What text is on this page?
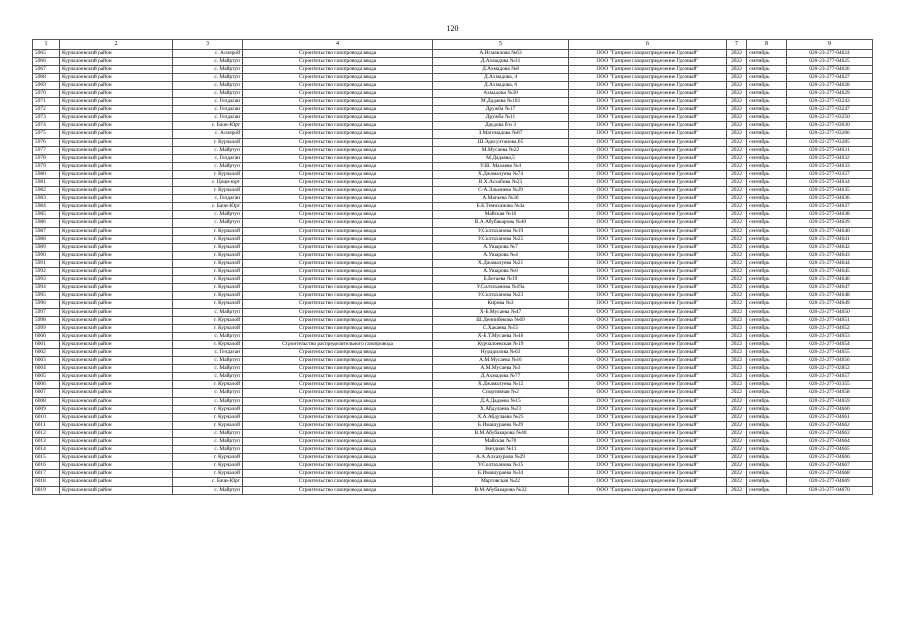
120
1	2	3	4	5	6	7	8	9
5965	Курчалоевский район	с. Аллерой	Строительство газопровода ввода	А.Исмаилова №63	ООО "Газпром газораспределение Грозный"	2022	сентябрь	020-23-277-04624
5966	Курчалоевский район	с. Майртуп	Строительство газопровода ввода	Д.Ахмадова №31	ООО "Газпром газораспределение Грозный"	2022	сентябрь	020-23-277-04625
5967	Курчалоевский район	с. Майртуп	Строительство газопровода ввода	Д.Ахмадова №8	ООО "Газпром газораспределение Грозный"	2022	сентябрь	020-23-277-04626
5968	Курчалоевский район	с. Майртуп	Строительство газопровода ввода	Д.Ахмадова, 4	ООО "Газпром газораспределение Грозный"	2022	сентябрь	020-23-277-04627
5969	Курчалоевский район	с. Майртуп	Строительство газопровода ввода	Д.Ахмадова, 6	ООО "Газпром газораспределение Грозный"	2022	сентябрь	020-23-277-04628
5970	Курчалоевский район	с. Майртуп	Строительство газопровода ввода	Ахмадова №30	ООО "Газпром газораспределение Грозный"	2022	сентябрь	020-23-277-04629
5971	Курчалоевский район	с. Гелдаган	Строительство газопровода ввода	М.Дадаева №102	ООО "Газпром газораспределение Грозный"	2022	сентябрь	020-22-277-03243
5972	Курчалоевский район	с. Гелдаган	Строительство газопровода ввода	Дружба №17	ООО "Газпром газораспределение Грозный"	2022	сентябрь	020-22-277-03247
5973	Курчалоевский район	с. Гелдаган	Строительство газопровода ввода	Дружба №11	ООО "Газпром газораспределение Грозный"	2022	сентябрь	020-22-277-03250
5974	Курчалоевский район	с. Бачи-Юрт	Строительство газопровода ввода	Даудова б/н 3	ООО "Газпром газораспределение Грозный"	2022	сентябрь	020-22-277-03030
5975	Курчалоевский район	с. Аллерой	Строительство газопровода ввода	З.Магомадова №87	ООО "Газпром газораспределение Грозный"	2022	сентябрь	020-22-277-03266
5976	Курчалоевский район	г. Курчалой	Строительство газопровода ввода	Ш.Эдисултанова,65	ООО "Газпром газораспределение Грозный"	2022	сентябрь	020-22-277-03285
5977	Курчалоевский район	с. Майртуп	Строительство газопровода ввода	М.Мусаева №22	ООО "Газпром газораспределение Грозный"	2022	сентябрь	020-23-277-04631
5978	Курчалоевский район	с. Гелдаган	Строительство газопровода ввода	М.Дадаева,5	ООО "Газпром газораспределение Грозный"	2022	сентябрь	020-23-277-04632
5979	Курчалоевский район	с. Майртуп	Строительство газопровода ввода	У.Ш. Махаева №4	ООО "Газпром газораспределение Грозный"	2022	сентябрь	020-23-277-04633
5980	Курчалоевский район	г. Курчалой	Строительство газопровода ввода	Х.Джамалуева №74	ООО "Газпром газораспределение Грозный"	2022	сентябрь	020-23-277-03357
5981	Курчалоевский район	с. Цоци-юрт	Строительство газопровода ввода	В.Х.Асхабова №23	ООО "Газпром газораспределение Грозный"	2022	сентябрь	020-23-277-04634
5982	Курчалоевский район	г. Курчалой	Строительство газопровода ввода	С-А.Эльмиева №29	ООО "Газпром газораспределение Грозный"	2022	сентябрь	020-23-277-04635
5983	Курчалоевский район	с. Гелдаган	Строительство газопровода ввода	А.Магаева №30	ООО "Газпром газораспределение Грозный"	2022	сентябрь	020-23-277-04636
5984	Курчалоевский район	с. Бачи-Юрт	Строительство газопровода ввода	Б.Б.Темиханова №4а	ООО "Газпром газораспределение Грозный"	2022	сентябрь	020-23-277-04637
5985	Курчалоевский район	с. Майртуп	Строительство газопровода ввода	Майская №16	ООО "Газпром газораспределение Грозный"	2022	сентябрь	020-23-277-04638
5986	Курчалоевский район	с. Майртуп	Строительство газопровода ввода	В.А.Абубакарова №40	ООО "Газпром газораспределение Грозный"	2022	сентябрь	020-23-277-04639
5987	Курчалоевский район	г. Курчалой	Строительство газопровода ввода	У.Солтаханова №19	ООО "Газпром газораспределение Грозный"	2022	сентябрь	020-23-277-04640
5988	Курчалоевский район	г. Курчалой	Строительство газопровода ввода	У.Солтаханова №25	ООО "Газпром газораспределение Грозный"	2022	сентябрь	020-23-277-04641
5989	Курчалоевский район	г. Курчалой	Строительство газопровода ввода	А.Ушарова №7	ООО "Газпром газораспределение Грозный"	2022	сентябрь	020-23-277-04642
5990	Курчалоевский район	г. Курчалой	Строительство газопровода ввода	А.Ушарова №4	ООО "Газпром газораспределение Грозный"	2022	сентябрь	020-23-277-04643
5991	Курчалоевский район	г. Курчалой	Строительство газопровода ввода	Х.Джамалуева №21	ООО "Газпром газораспределение Грозный"	2022	сентябрь	020-23-277-04644
5992	Курчалоевский район	г. Курчалой	Строительство газопровода ввода	А.Ушарова №6	ООО "Газпром газораспределение Грозный"	2022	сентябрь	020-23-277-04645
5993	Курчалоевский район	г. Курчалой	Строительство газопровода ввода	Б.Бегаева №19	ООО "Газпром газораспределение Грозный"	2022	сентябрь	020-23-277-04646
5994	Курчалоевский район	г. Курчалой	Строительство газопровода ввода	У.Солтаханова №19а	ООО "Газпром газораспределение Грозный"	2022	сентябрь	020-23-277-04647
5995	Курчалоевский район	г. Курчалой	Строительство газопровода ввода	У.Солтаханова №23	ООО "Газпром газораспределение Грозный"	2022	сентябрь	020-23-277-04648
5996	Курчалоевский район	г. Курчалой	Строительство газопровода ввода	Кирова №3	ООО "Газпром газораспределение Грозный"	2022	сентябрь	020-23-277-04649
5997	Курчалоевский район	с. Майртуп	Строительство газопровода ввода	Х-Б.Мусаева №47	ООО "Газпром газораспределение Грозный"	2022	сентябрь	020-23-277-04650
5998	Курчалоевский район	г. Курчалой	Строительство газопровода ввода	Ш.Дениибекова №69	ООО "Газпром газораспределение Грозный"	2022	сентябрь	020-23-277-04651
5999	Курчалоевский район	г. Курчалой	Строительство газопровода ввода	С.Хакаева №55	ООО "Газпром газораспределение Грозный"	2022	сентябрь	020-23-277-04652
6000	Курчалоевский район	с. Майртуп	Строительство газопровода ввода	Х-Б.Т.Мусаева №46	ООО "Газпром газораспределение Грозный"	2022	сентябрь	020-23-277-04653
6001	Курчалоевский район	г. Курчалой	Строительство распределительного газопровода	Курчалоевская №19	ООО "Газпром газораспределение Грозный"	2022	сентябрь	020-23-277-04654
6002	Курчалоевский район	с. Гелдаган	Строительство газопровода ввода	Нурадилова №63	ООО "Газпром газораспределение Грозный"	2022	сентябрь	020-23-277-04655
6003	Курчалоевский район	с. Майртуп	Строительство газопровода ввода	А.М.Мусаева №16	ООО "Газпром газораспределение Грозный"	2022	сентябрь	020-23-277-04656
6004	Курчалоевский район	с. Майртуп	Строительство газопровода ввода	А.М.Мусаева №3	ООО "Газпром газораспределение Грозный"	2022	сентябрь	020-22-277-02852
6005	Курчалоевский район	с. Майртуп	Строительство газопровода ввода	Д.Ахмадова №77	ООО "Газпром газораспределение Грозный"	2022	сентябрь	020-23-277-04657
6006	Курчалоевский район	г. Курчалой	Строительство газопровода ввода	Х.Джамалуева №12	ООО "Газпром газораспределение Грозный"	2022	сентябрь	020-23-277-03355
6007	Курчалоевский район	с. Майртуп	Строительство газопровода ввода	Спортивная №2	ООО "Газпром газораспределение Грозный"	2022	сентябрь	020-23-277-04658
6008	Курчалоевский район	с. Майртуп	Строительство газопровода ввода	Д.А.Дадаева №15	ООО "Газпром газораспределение Грозный"	2022	сентябрь	020-23-277-04659
6009	Курчалоевский район	г. Курчалой	Строительство газопровода ввода	Х.Абдулаева №23	ООО "Газпром газораспределение Грозный"	2022	сентябрь	020-23-277-04660
6010	Курчалоевский район	г. Курчалой	Строительство газопровода ввода	Х.А.Абдулаева №25	ООО "Газпром газораспределение Грозный"	2022	сентябрь	020-23-277-04661
6011	Курчалоевский район	г. Курчалой	Строительство газопровода ввода	Б.Имашураева №29	ООО "Газпром газораспределение Грозный"	2022	сентябрь	020-23-277-04662
6012	Курчалоевский район	с. Майртуп	Строительство газопровода ввода	В.М.Абубакарова №40	ООО "Газпром газораспределение Грозный"	2022	сентябрь	020-23-277-04663
6013	Курчалоевский район	с. Майртуп	Строительство газопровода ввода	Майская №70	ООО "Газпром газораспределение Грозный"	2022	сентябрь	020-23-277-04664
6014	Курчалоевский район	с. Майртуп	Строительство газопровода ввода	Звездная №11	ООО "Газпром газораспределение Грозный"	2022	сентябрь	020-23-277-04665
6015	Курчалоевский район	г. Курчалой	Строительство газопровода ввода	А.А.Алхазурова №29	ООО "Газпром газораспределение Грозный"	2022	сентябрь	020-23-277-04666
6016	Курчалоевский район	г. Курчалой	Строительство газопровода ввода	У.Солтаханова №15	ООО "Газпром газораспределение Грозный"	2022	сентябрь	020-23-277-04667
6017	Курчалоевский район	г. Курчалой	Строительство газопровода ввода	Б.Имашураева №34	ООО "Газпром газораспределение Грозный"	2022	сентябрь	020-23-277-04668
6018	Курчалоевский район	с. Бачи-Юрт	Строительство газопровода ввода	Мартовская №22	ООО "Газпром газораспределение Грозный"	2022	сентябрь	020-23-277-04669
6019	Курчалоевский район	с. Майртуп	Строительство газопровода ввода	В.М.Абубакарова №32	ООО "Газпром газораспределение Грозный"	2022	сентябрь	020-23-277-04670
